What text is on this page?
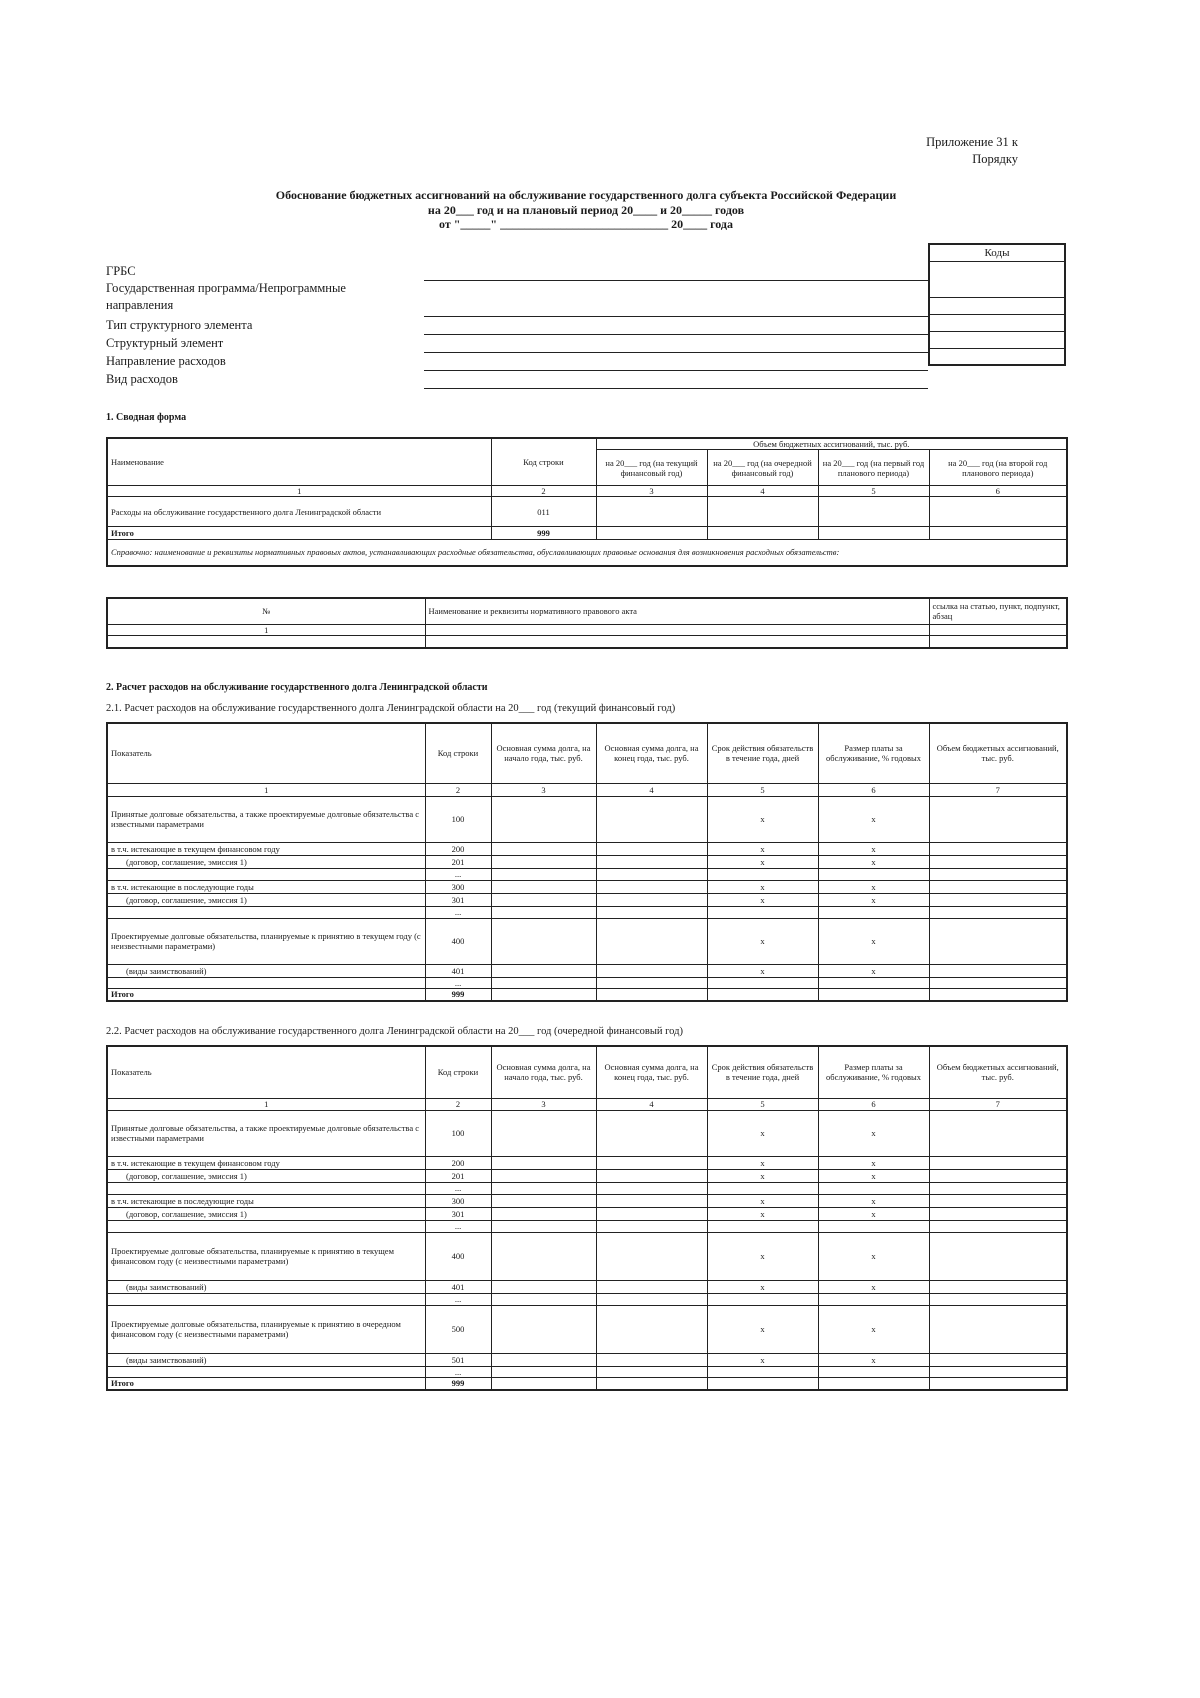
Приложение 31 к
Порядку
Обоснование бюджетных ассигнований на обслуживание государственного долга субъекта Российской Федерации
на 20___ год и на плановый период 20____ и 20_____ годов
от "_____" ____________________________ 20____ года
Коды

ГРБС
Государственная программа/Непрограммные
направления
Тип структурного элемента
Структурный элемент
Направление расходов
Вид расходов
1. Сводная форма
Наименование	Код строки	Объем бюджетных ассигнований, тыс. руб.			
		на 20___ год (на текущий финансовый год)	на 20___ год (на очередной финансовый год)	на 20___ год (на первый год планового периода)	на 20___ год (на второй год планового периода)
1	2	3	4	5	6
Расходы на обслуживание государственного долга Ленинградской области	011				
Итого	999				
Справочно: наименование и реквизиты нормативных правовых актов, устанавливающих расходные обязательства, обуславливающих правовые основания для возникновения расходных обязательств:					
№	Наименование и реквизиты нормативного правового акта	ссылка на статью, пункт, подпункт, абзац
1		

2. Расчет расходов на обслуживание государственного долга Ленинградской области
2.1. Расчет расходов на обслуживание государственного долга Ленинградской области на 20___ год (текущий финансовый год)
Показатель	Код строки	Основная сумма долга, на начало года, тыс. руб.	Основная сумма долга, на конец года, тыс. руб.	Срок действия обязательств в течение года, дней	Размер платы за обслуживание, % годовых	Объем бюджетных ассигнований, тыс. руб.
1	2	3	4	5	6	7
Принятые долговые обязательства, а также проектируемые долговые обязательства с известными параметрами	100			x	x	
в т.ч. истекающие в текущем финансовом году	200			x	x	
(договор, соглашение, эмиссия 1)	201			x	x	
	...					
в т.ч. истекающие в последующие годы	300			x	x	
(договор, соглашение, эмиссия 1)	301			x	x	
	...					
Проектируемые долговые обязательства, планируемые к принятию в текущем году (с неизвестными параметрами)	400			x	x	
(виды заимствований)	401			x	x	
	...					
Итого	999					
2.2. Расчет расходов на обслуживание государственного долга Ленинградской области на 20___ год (очередной финансовый год)
Показатель	Код строки	Основная сумма долга, на начало года, тыс. руб.	Основная сумма долга, на конец года, тыс. руб.	Срок действия обязательств в течение года, дней	Размер платы за обслуживание, % годовых	Объем бюджетных ассигнований, тыс. руб.
1	2	3	4	5	6	7
Принятые долговые обязательства, а также проектируемые долговые обязательства с известными параметрами	100			x	x	
в т.ч. истекающие в текущем финансовом году	200			x	x	
(договор, соглашение, эмиссия 1)	201			x	x	
	...					
в т.ч. истекающие в последующие годы	300			x	x	
(договор, соглашение, эмиссия 1)	301			x	x	
	...					
Проектируемые долговые обязательства, планируемые к принятию в текущем финансовом году (с неизвестными параметрами)	400			x	x	
(виды заимствований)	401			x	x	
	...					
Проектируемые долговые обязательства, планируемые к принятию в очередном финансовом году (с неизвестными параметрами)	500			x	x	
(виды заимствований)	501			x	x	
	...					
Итого	999					
